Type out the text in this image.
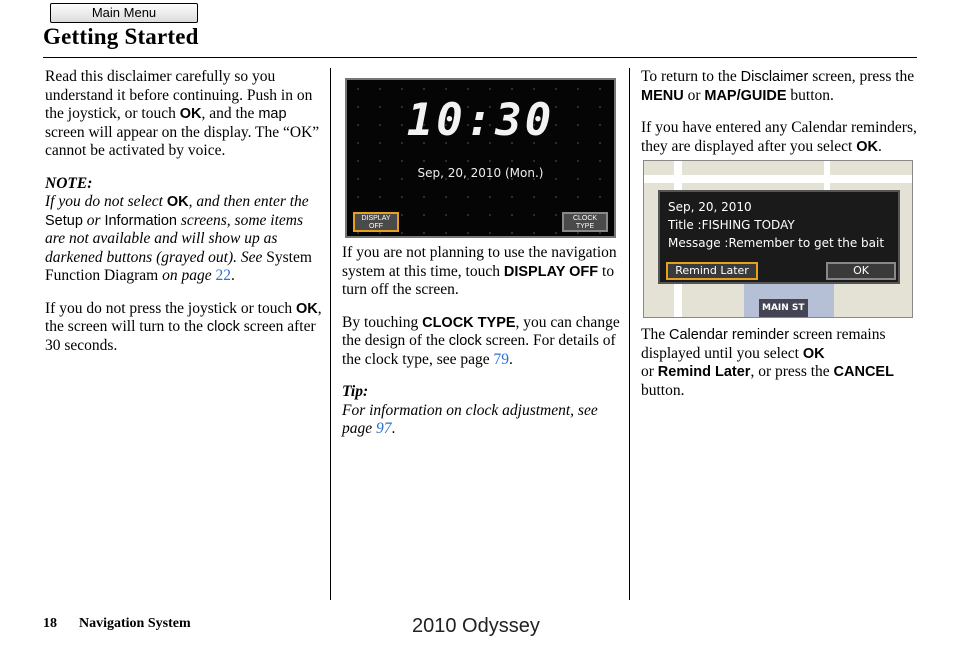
Main Menu
Getting Started

Read this disclaimer carefully so you understand it before continuing. Push in on the joystick, or touch OK, and the map screen will appear on the display. The “OK” cannot be activated by voice.

NOTE:
If you do not select OK, and then enter the Setup or Information screens, some items are not available and will show up as darkened buttons (grayed out). See System Function Diagram on page 22.

If you do not press the joystick or touch OK, the screen will turn to the clock screen after 30 seconds.

10:30
Sep, 20, 2010 (Mon.)
DISPLAY OFF
CLOCK TYPE

If you are not planning to use the navigation system at this time, touch DISPLAY OFF to turn off the screen.

By touching CLOCK TYPE, you can change the design of the clock screen. For details of the clock type, see page 79.

Tip:
For information on clock adjustment, see page 97.

To return to the Disclaimer screen, press the MENU or MAP/GUIDE button.

If you have entered any Calendar reminders, they are displayed after you select OK.

Sep, 20, 2010
Title :FISHING TODAY
Message :Remember to get the bait
Remind Later	OK
MAIN ST

The Calendar reminder screen remains displayed until you select OK
or Remind Later, or press the CANCEL button.

18 Navigation System	2010 Odyssey
